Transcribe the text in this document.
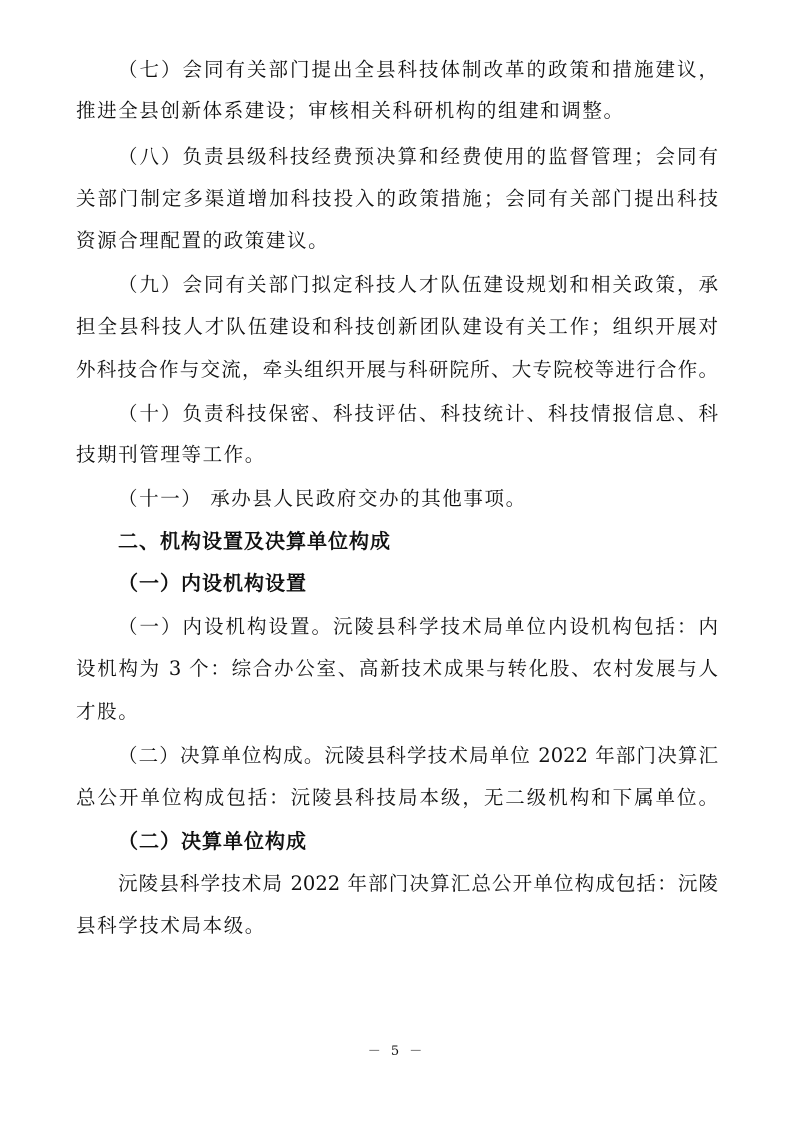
（七）会同有关部门提出全县科技体制改革的政策和措施建议，
推进全县创新体系建设；审核相关科研机构的组建和调整。
（八）负责县级科技经费预决算和经费使用的监督管理；会同有
关部门制定多渠道增加科技投入的政策措施；会同有关部门提出科技
资源合理配置的政策建议。
（九）会同有关部门拟定科技人才队伍建设规划和相关政策，承
担全县科技人才队伍建设和科技创新团队建设有关工作；组织开展对
外科技合作与交流，牵头组织开展与科研院所、大专院校等进行合作。
（十）负责科技保密、科技评估、科技统计、科技情报信息、科
技期刊管理等工作。
（十一） 承办县人民政府交办的其他事项。
二、机构设置及决算单位构成
（一）内设机构设置
（一）内设机构设置。沅陵县科学技术局单位内设机构包括：内
设机构为 3 个：综合办公室、高新技术成果与转化股、农村发展与人
才股。
（二）决算单位构成。沅陵县科学技术局单位 2022 年部门决算汇
总公开单位构成包括：沅陵县科技局本级，无二级机构和下属单位。
（二）决算单位构成
沅陵县科学技术局 2022 年部门决算汇总公开单位构成包括：沅陵
县科学技术局本级。
－ 5 －
